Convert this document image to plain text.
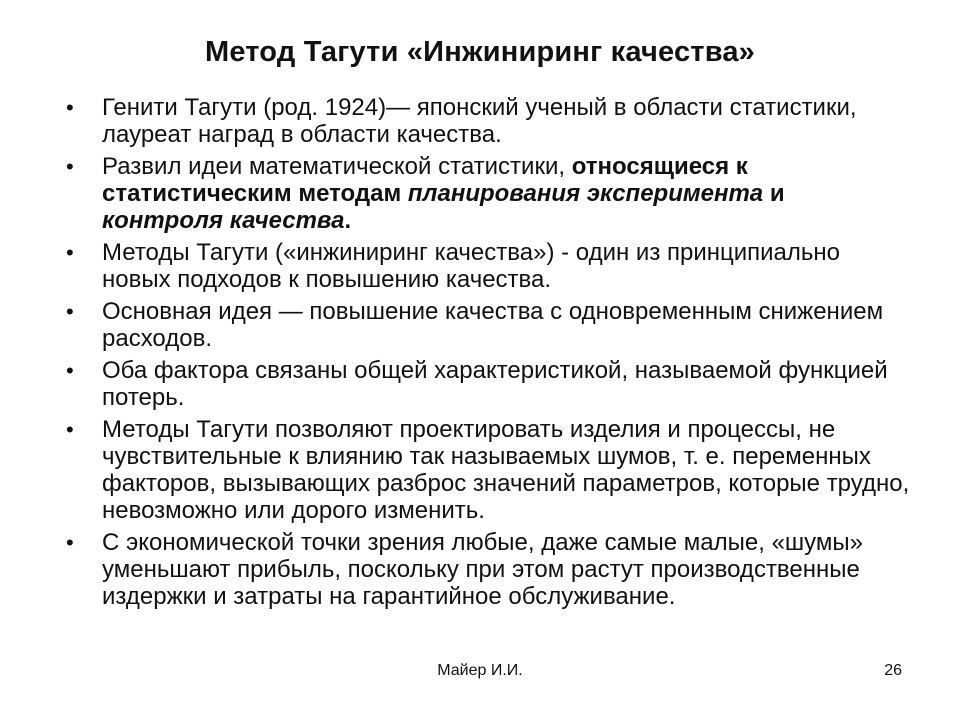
Метод Тагути «Инжиниринг качества»
• Генити Тагути (род. 1924)— японский ученый в области статистики, лауреат наград в области качества.
• Развил идеи математической статистики, относящиеся к статистическим методам планирования эксперимента и контроля качества.
• Методы Тагути («инжиниринг качества») - один из принципиально новых подходов к повышению качества.
• Основная идея — повышение качества с одновременным снижением расходов.
• Оба фактора связаны общей характеристикой, называемой функцией потерь.
• Методы Тагути позволяют проектировать изделия и процессы, не чувствительные к влиянию так называемых шумов, т. е. переменных факторов, вызывающих разброс значений параметров, которые трудно, невозможно или дорого изменить.
• С экономической точки зрения любые, даже самые малые, «шумы» уменьшают прибыль, поскольку при этом растут производственные издержки и затраты на гарантийное обслуживание.
Майер И.И.	26
